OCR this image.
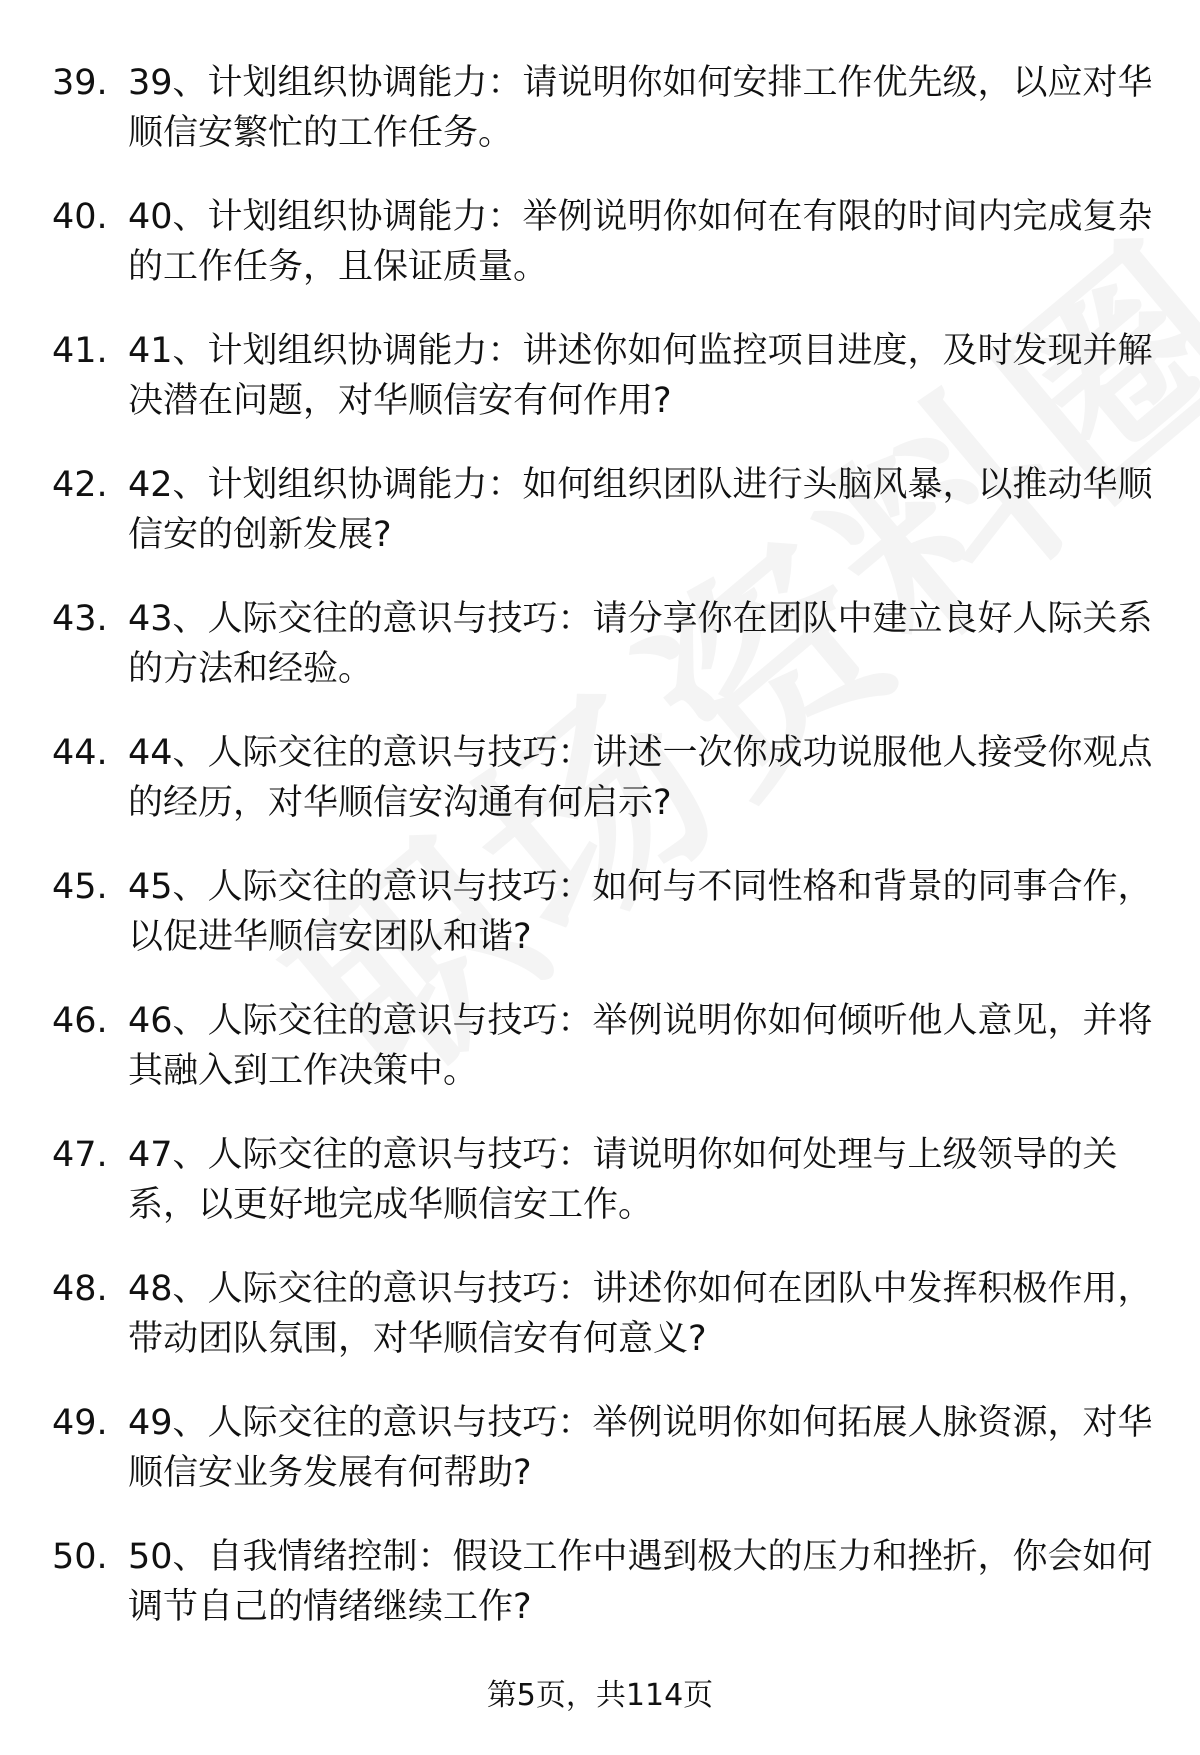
39. 39、计划组织协调能力：请说明你如何安排工作优先级，以应对华顺信安繁忙的工作任务。
40. 40、计划组织协调能力：举例说明你如何在有限的时间内完成复杂的工作任务，且保证质量。
41. 41、计划组织协调能力：讲述你如何监控项目进度，及时发现并解决潜在问题，对华顺信安有何作用?
42. 42、计划组织协调能力：如何组织团队进行头脑风暴，以推动华顺信安的创新发展?
43. 43、人际交往的意识与技巧：请分享你在团队中建立良好人际关系的方法和经验。
44. 44、人际交往的意识与技巧：讲述一次你成功说服他人接受你观点的经历，对华顺信安沟通有何启示?
45. 45、人际交往的意识与技巧：如何与不同性格和背景的同事合作，以促进华顺信安团队和谐?
46. 46、人际交往的意识与技巧：举例说明你如何倾听他人意见，并将其融入到工作决策中。
47. 47、人际交往的意识与技巧：请说明你如何处理与上级领导的关系，以更好地完成华顺信安工作。
48. 48、人际交往的意识与技巧：讲述你如何在团队中发挥积极作用，带动团队氛围，对华顺信安有何意义?
49. 49、人际交往的意识与技巧：举例说明你如何拓展人脉资源，对华顺信安业务发展有何帮助?
50. 50、自我情绪控制：假设工作中遇到极大的压力和挫折，你会如何调节自己的情绪继续工作?
第5页，共114页
